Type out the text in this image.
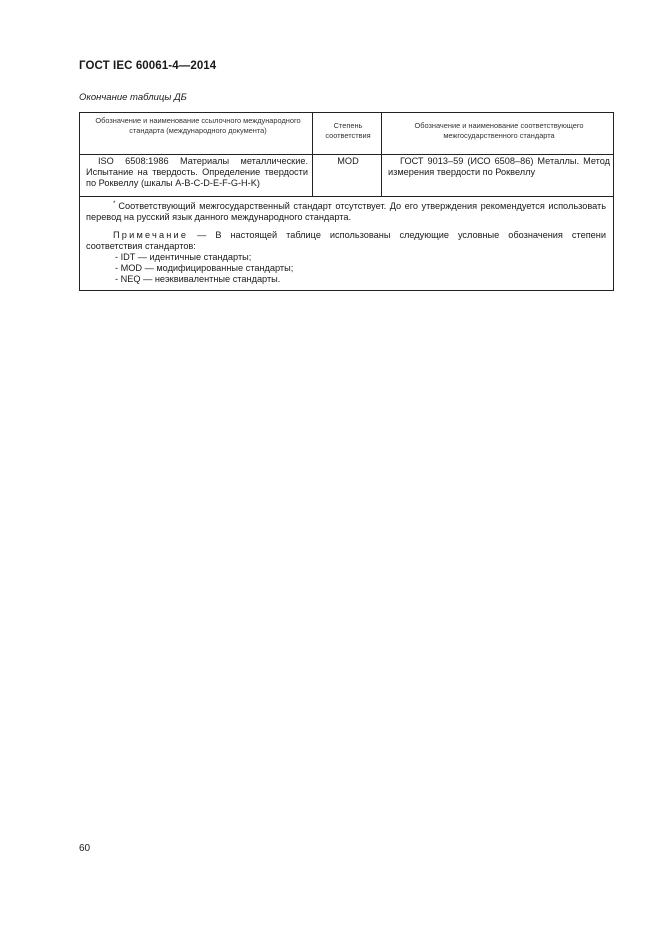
ГОСТ IEC 60061-4—2014
Окончание таблицы ДБ
Обозначение и наименование ссылочного международного стандарта (международного документа)
Степень соответствия
Обозначение и наименование соответствующего межгосударственного стандарта
ISO 6508:1986 Материалы металлические. Испытание на твердость. Определение твердости по Роквеллу (шкалы A-B-C-D-E-F-G-H-K)
MOD	ГОСТ 9013–59 (ИСО 6508–86) Металлы. Метод измерения твердости по Роквеллу
* Соответствующий межгосударственный стандарт отсутствует. До его утверждения рекомендуется использовать перевод на русский язык данного международного стандарта.
Примечание — В настоящей таблице использованы следующие условные обозначения степени соответствия стандартов:
- IDT — идентичные стандарты;
- MOD — модифицированные стандарты;
- NEQ — неэквивалентные стандарты.
60
